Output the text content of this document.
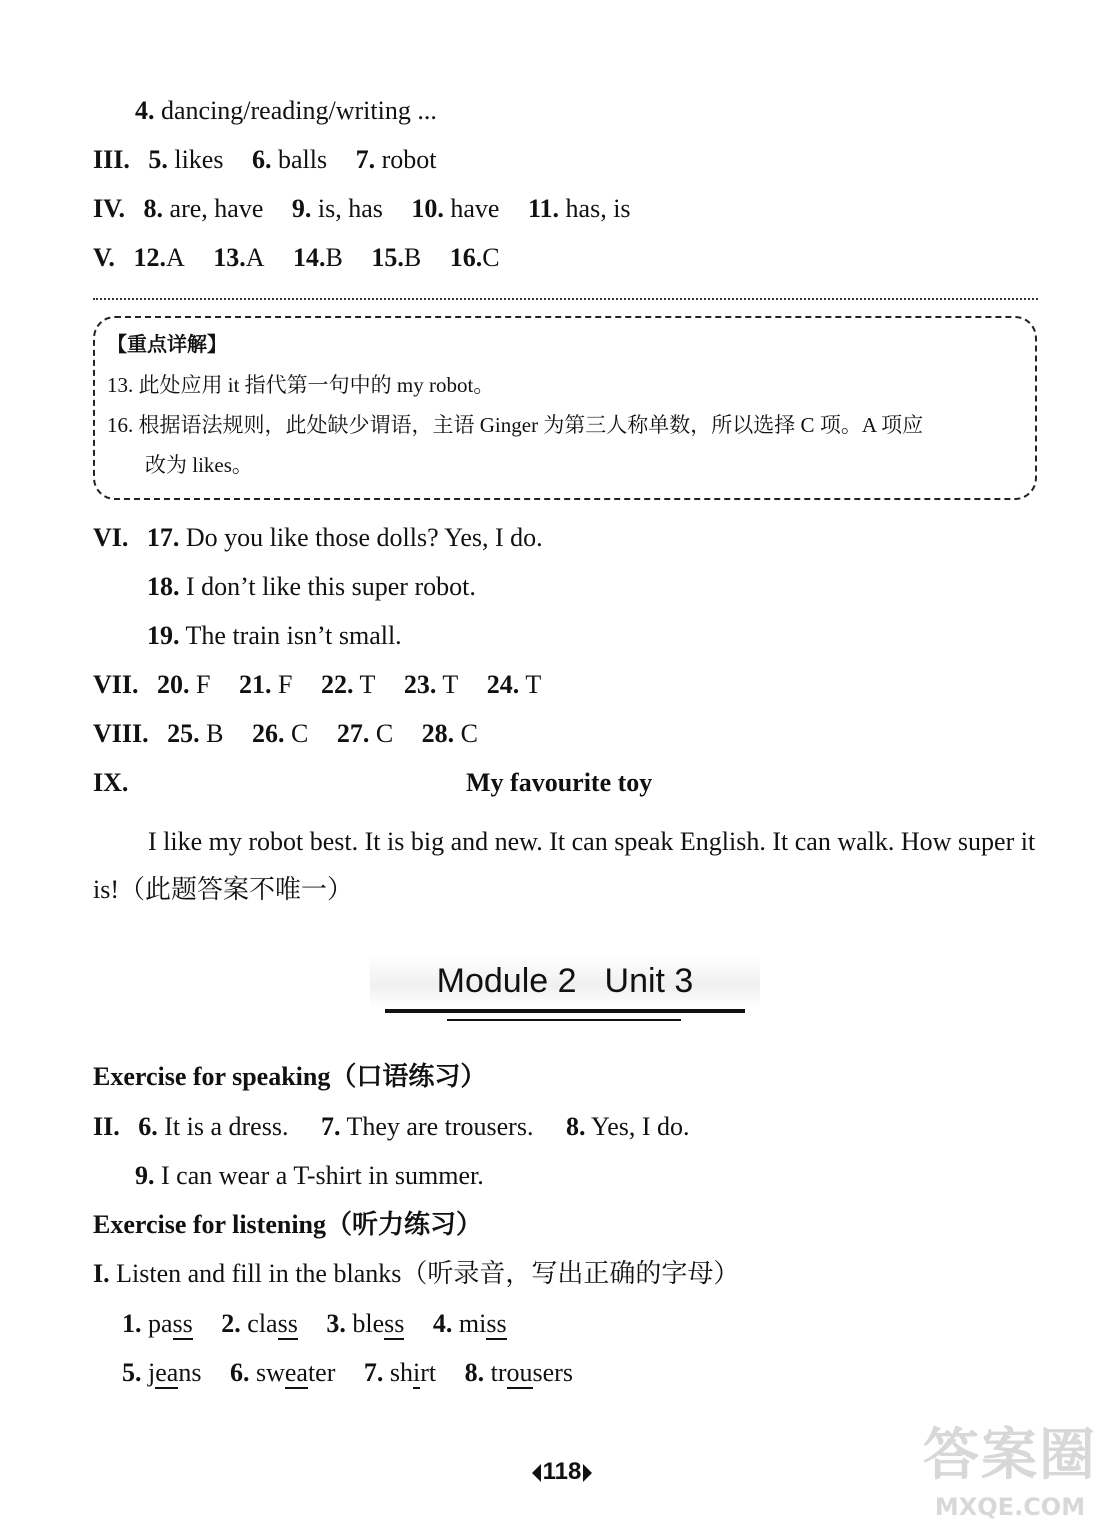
4. dancing/reading/writing ...
III. 5. likes 6. balls 7. robot
IV. 8. are, have 9. is, has 10. have 11. has, is
V. 12.A 13.A 14.B 15.B 16.C
【重点详解】
13. 此处应用 it 指代第一句中的 my robot。
16. 根据语法规则，此处缺少谓语，主语 Ginger 为第三人称单数，所以选择 C 项。A 项应
改为 likes。
VI. 17. Do you like those dolls? Yes, I do.
18. I don’t like this super robot.
19. The train isn’t small.
VII. 20. F 21. F 22. T 23. T 24. T
VIII. 25. B 26. C 27. C 28. C
IX.	My favourite toy
I like my robot best. It is big and new. It can speak English. It can walk. How super it is!（此题答案不唯一）
Module 2 Unit 3
Exercise for speaking（口语练习）
II. 6. It is a dress. 7. They are trousers. 8. Yes, I do.
9. I can wear a T-shirt in summer.
Exercise for listening（听力练习）
I. Listen and fill in the blanks（听录音，写出正确的字母）
1. pass 2. class 3. bless 4. miss
5. jeans 6. sweater 7. shirt 8. trousers
118	答案圈
MXQE.COM
